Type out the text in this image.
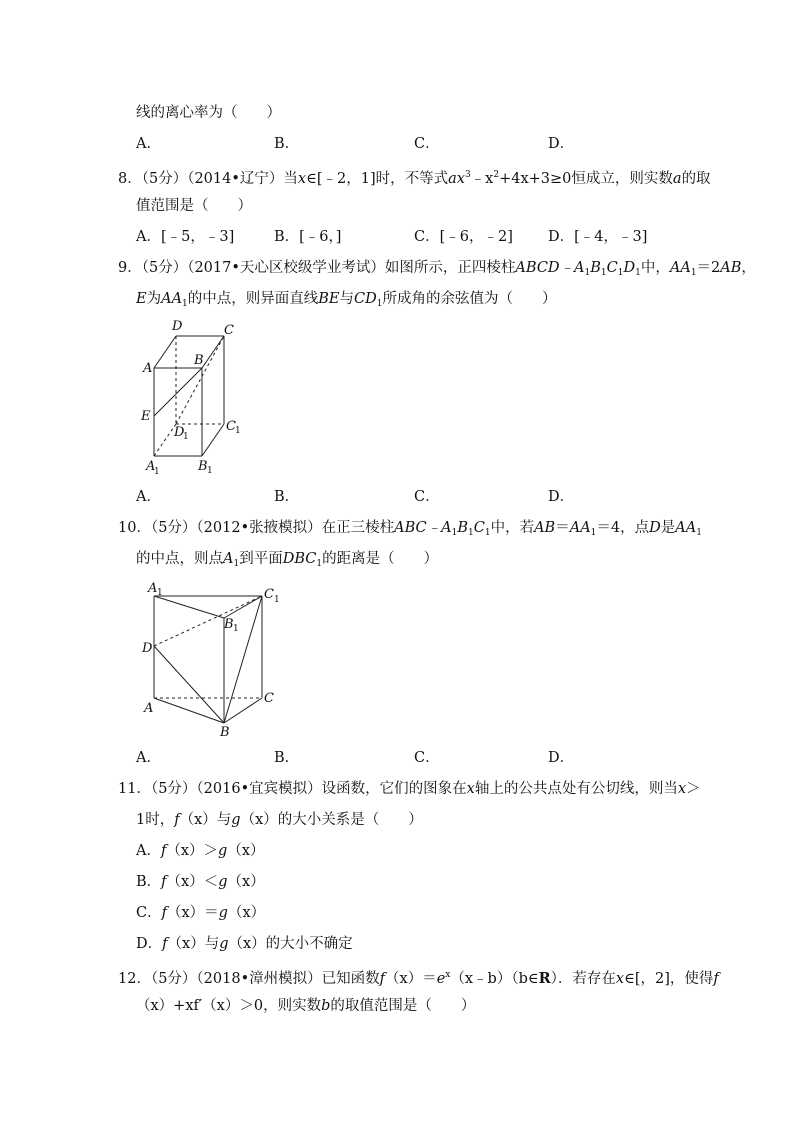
线的离心率为（　　）
A．	B．	C．	D．
8．（5分）（2014•辽宁）当x∈[﹣2，1]时，不等式$ax^3﹣x^2+4x+3\ge 0$恒成立，则实数a的取
值范围是（　　）
A．[﹣5，﹣3]	B．[﹣6，]	C．[﹣6，﹣2] D．[﹣4，﹣3]
9．（5分）（2017•天心区校级学业考试）如图所示，正四棱柱$ABCD﹣A_1B_1C_1D_1$中，$AA_1=2AB$，
E为$AA_1$的中点，则异面直线BE与$CD_1$所成角的余弦值为（　　）
D	C
A
B
E
D
1
C 1
A
1	B 1
A．	B．	C．	D．
10．（5分）（2012•张掖模拟）在正三棱柱$ABC﹣A_1B_1C_1$中，若$AB=AA_1=4$，点D是$AA_1$
的中点，则点$A_1$到平面$DBC_1$的距离是（　　）
A 1	C 1
B 1
D
A
C
B
A．	B．	C．	D．
11．（5分）（2016•宜宾模拟）设函数，它们的图象在x轴上的公共点处有公切线，则当x＞
1时，f（x）与g（x）的大小关系是（　　）
A．f（x）＞g（x）
B．f（x）＜g（x）
C．f（x）＝g（x）
D．f（x）与g（x）的大小不确定
12．（5分）（2018•漳州模拟）已知函数$f(x)=e^x(x﹣b)(b\in R)$．若存在x∈[，2]，使得f
（x）+xf′（x）＞0，则实数b的取值范围是（　　）
